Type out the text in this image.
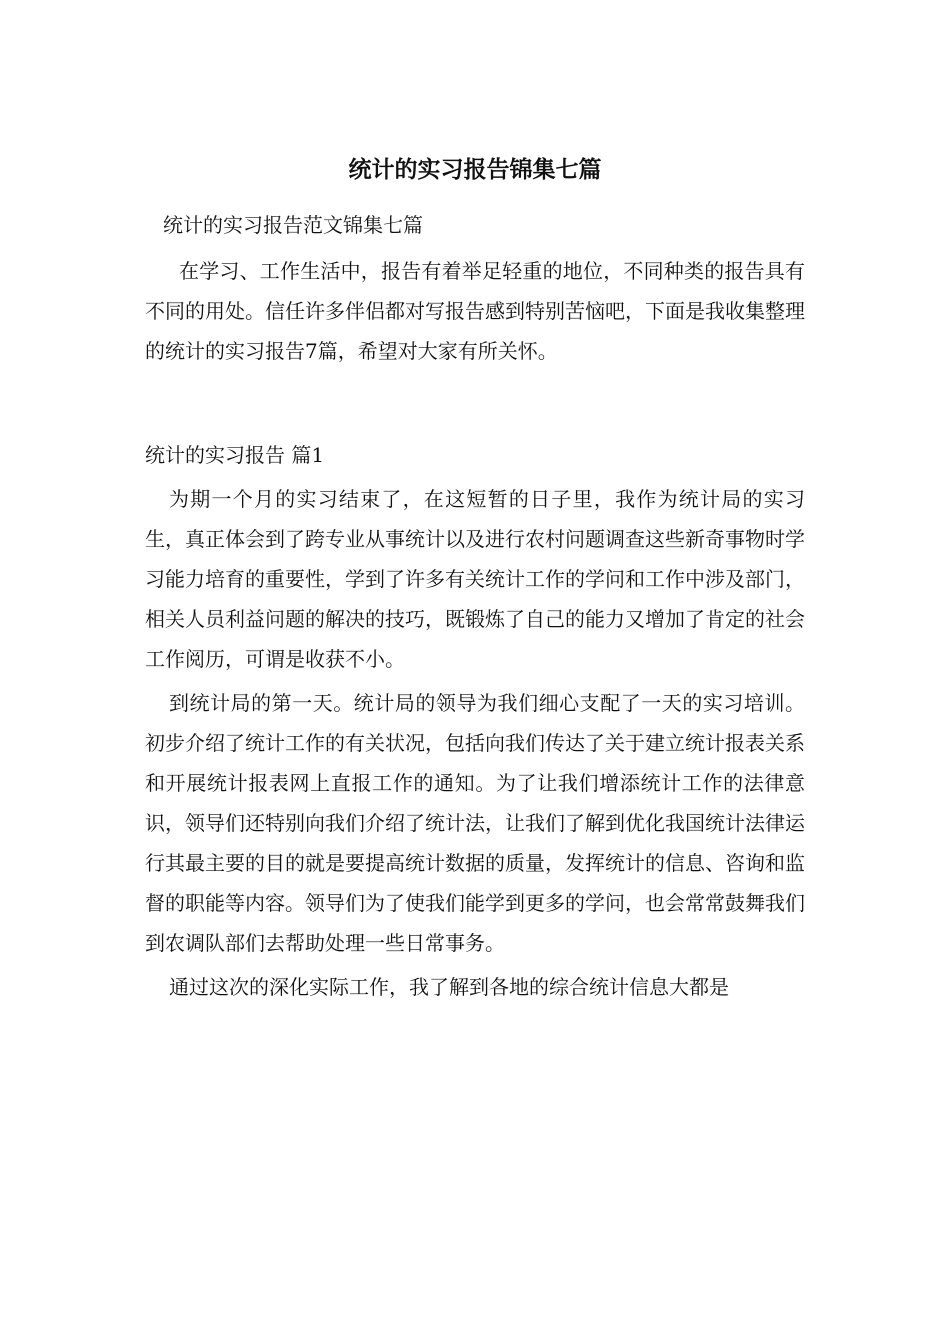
统计的实习报告锦集七篇

统计的实习报告范文锦集七篇

在学习、工作生活中，报告有着举足轻重的地位，不同种类的报告具有不同的用处。信任许多伴侣都对写报告感到特别苦恼吧，下面是我收集整理的统计的实习报告7篇，希望对大家有所关怀。

统计的实习报告 篇1

为期一个月的实习结束了，在这短暂的日子里，我作为统计局的实习生，真正体会到了跨专业从事统计以及进行农村问题调查这些新奇事物时学习能力培育的重要性，学到了许多有关统计工作的学问和工作中涉及部门，相关人员利益问题的解决的技巧，既锻炼了自己的能力又增加了肯定的社会工作阅历，可谓是收获不小。

到统计局的第一天。统计局的领导为我们细心支配了一天的实习培训。初步介绍了统计工作的有关状况，包括向我们传达了关于建立统计报表关系和开展统计报表网上直报工作的通知。为了让我们增添统计工作的法律意识，领导们还特别向我们介绍了统计法，让我们了解到优化我国统计法律运行其最主要的目的就是要提高统计数据的质量，发挥统计的信息、咨询和监督的职能等内容。领导们为了使我们能学到更多的学问，也会常常鼓舞我们到农调队部们去帮助处理一些日常事务。

通过这次的深化实际工作，我了解到各地的综合统计信息大都是
